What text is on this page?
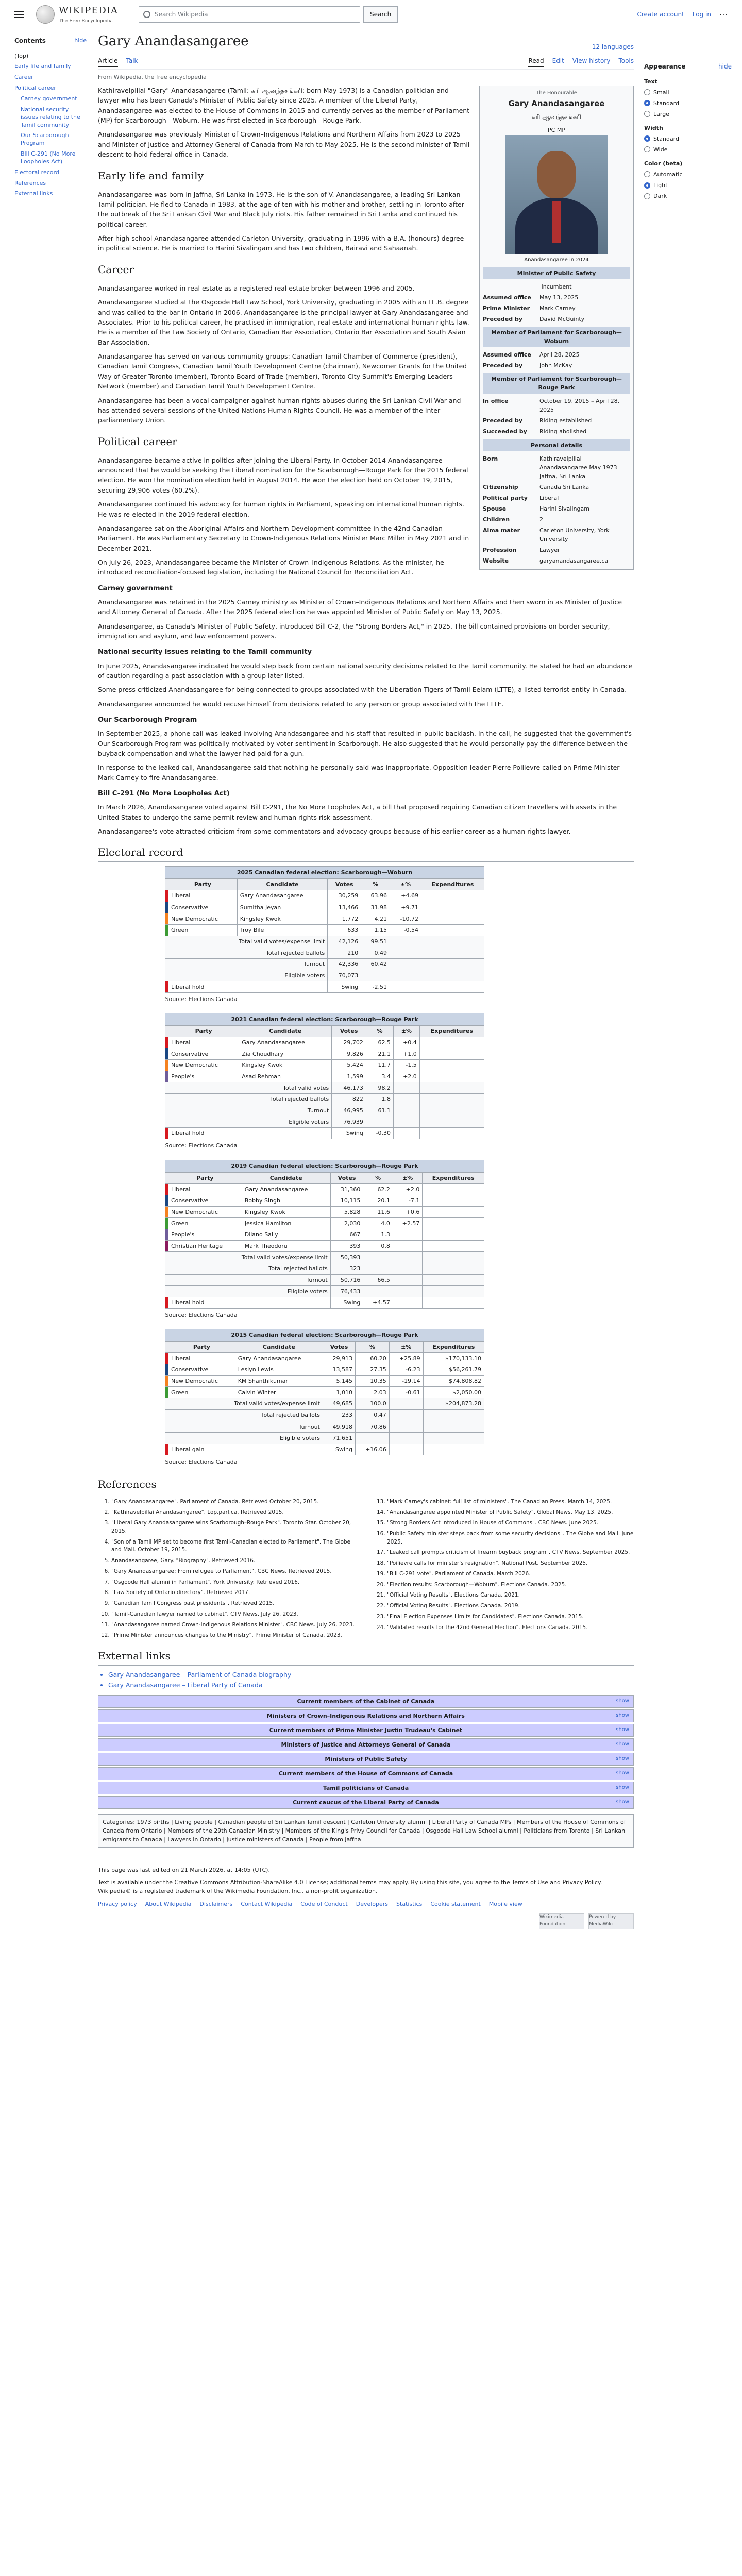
WIKIPEDIA
The Free Encyclopedia
Search Wikipedia	Search	Create account Log in ⋯
Contents	hide
(Top)
Early life and family
Career
Political career
Carney government
National security issues relating to the Tamil community
Our Scarborough Program
Bill C-291 (No More Loopholes Act)
Electoral record
References
External links
Appearance	hide
Text
Small
Standard
Large
Width
Standard
Wide
Color (beta)
Automatic
Light
Dark
Gary Anandasangaree	12 languages
Article Talk	Read Edit View history Tools
From Wikipedia, the free encyclopedia
The Honourable
Gary Anandasangaree
கரி ஆனந்தசங்கரி
PC MP
Anandasangaree in 2024
Minister of Public Safety
Incumbent
Assumed office	May 13, 2025
Prime Minister	Mark Carney
Preceded by	David McGuinty
Member of Parliament for Scarborough—Woburn
Assumed office	April 28, 2025
Preceded by	John McKay
Member of Parliament for Scarborough—Rouge Park
In office	October 19, 2015 – April 28, 2025
Preceded by	Riding established
Succeeded by	Riding abolished
Personal details
Born	Kathiravelpillai Anandasangaree May 1973 Jaffna, Sri Lanka
Citizenship	Canada Sri Lanka
Political party	Liberal
Spouse	Harini Sivalingam
Children	2
Alma mater	Carleton University, York University
Profession	Lawyer
Website	garyanandasangaree.ca

Kathiravelpillai "Gary" Anandasangaree (Tamil: கரி ஆனந்தசங்கரி; born May 1973) is a Canadian politician and lawyer who has been Canada's Minister of Public Safety since 2025. A member of the Liberal Party, Anandasangaree was elected to the House of Commons in 2015 and currently serves as the member of Parliament (MP) for Scarborough—Woburn. He was first elected in Scarborough—Rouge Park.

Anandasangaree was previously Minister of Crown–Indigenous Relations and Northern Affairs from 2023 to 2025 and Minister of Justice and Attorney General of Canada from March to May 2025. He is the second minister of Tamil descent to hold federal office in Canada.

Early life and family

Anandasangaree was born in Jaffna, Sri Lanka in 1973. He is the son of V. Anandasangaree, a leading Sri Lankan Tamil politician. He fled to Canada in 1983, at the age of ten with his mother and brother, settling in Toronto after the outbreak of the Sri Lankan Civil War and Black July riots. His father remained in Sri Lanka and continued his political career.

After high school Anandasangaree attended Carleton University, graduating in 1996 with a B.A. (honours) degree in political science. He is married to Harini Sivalingam and has two children, Bairavi and Sahaanah.

Career

Anandasangaree worked in real estate as a registered real estate broker between 1996 and 2005.

Anandasangaree studied at the Osgoode Hall Law School, York University, graduating in 2005 with an LL.B. degree and was called to the bar in Ontario in 2006. Anandasangaree is the principal lawyer at Gary Anandasangaree and Associates. Prior to his political career, he practised in immigration, real estate and international human rights law. He is a member of the Law Society of Ontario, Canadian Bar Association, Ontario Bar Association and South Asian Bar Association.

Anandasangaree has served on various community groups: Canadian Tamil Chamber of Commerce (president), Canadian Tamil Congress, Canadian Tamil Youth Development Centre (chairman), Newcomer Grants for the United Way of Greater Toronto (member), Toronto Board of Trade (member), Toronto City Summit's Emerging Leaders Network (member) and Canadian Tamil Youth Development Centre.

Anandasangaree has been a vocal campaigner against human rights abuses during the Sri Lankan Civil War and has attended several sessions of the United Nations Human Rights Council. He was a member of the Inter-parliamentary Union.

Political career

Anandasangaree became active in politics after joining the Liberal Party. In October 2014 Anandasangaree announced that he would be seeking the Liberal nomination for the Scarborough—Rouge Park for the 2015 federal election. He won the nomination election held in August 2014. He won the election held on October 19, 2015, securing 29,906 votes (60.2%).

Anandasangaree continued his advocacy for human rights in Parliament, speaking on international human rights. He was re-elected in the 2019 federal election.

Anandasangaree sat on the Aboriginal Affairs and Northern Development committee in the 42nd Canadian Parliament. He was Parliamentary Secretary to Crown-Indigenous Relations Minister Marc Miller in May 2021 and in December 2021.

On July 26, 2023, Anandasangaree became the Minister of Crown–Indigenous Relations. As the minister, he introduced reconciliation-focused legislation, including the National Council for Reconciliation Act.

Carney government

Anandasangaree was retained in the 2025 Carney ministry as Minister of Crown–Indigenous Relations and Northern Affairs and then sworn in as Minister of Justice and Attorney General of Canada. After the 2025 federal election he was appointed Minister of Public Safety on May 13, 2025.

Anandasangaree, as Canada's Minister of Public Safety, introduced Bill C-2, the "Strong Borders Act," in 2025. The bill contained provisions on border security, immigration and asylum, and law enforcement powers.

National security issues relating to the Tamil community

In June 2025, Anandasangaree indicated he would step back from certain national security decisions related to the Tamil community. He stated he had an abundance of caution regarding a past association with a group later listed.

Some press criticized Anandasangaree for being connected to groups associated with the Liberation Tigers of Tamil Eelam (LTTE), a listed terrorist entity in Canada.

Anandasangaree announced he would recuse himself from decisions related to any person or group associated with the LTTE.

Our Scarborough Program

In September 2025, a phone call was leaked involving Anandasangaree and his staff that resulted in public backlash. In the call, he suggested that the government's Our Scarborough Program was politically motivated by voter sentiment in Scarborough. He also suggested that he would personally pay the difference between the buyback compensation and what the lawyer had paid for a gun.

In response to the leaked call, Anandasangaree said that nothing he personally said was inappropriate. Opposition leader Pierre Poilievre called on Prime Minister Mark Carney to fire Anandasangaree.

Bill C-291 (No More Loopholes Act)

In March 2026, Anandasangaree voted against Bill C-291, the No More Loopholes Act, a bill that proposed requiring Canadian citizen travellers with assets in the United States to undergo the same permit review and human rights risk assessment.

Anandasangaree's vote attracted criticism from some commentators and advocacy groups because of his earlier career as a human rights lawyer.

Electoral record
2025 Canadian federal election: Scarborough—Woburn
	Party	Candidate	Votes	%	±%	Expenditures
	Liberal	Gary Anandasangaree	30,259	63.96	+4.69	
	Conservative	Sumitha Jeyan	13,466	31.98	+9.71	
	New Democratic	Kingsley Kwok	1,772	4.21	-10.72	
	Green	Troy Bile	633	1.15	-0.54	
Total valid votes/expense limit			42,126	99.51		
Total rejected ballots			210	0.49		
Turnout			42,336	60.42		
Eligible voters			70,073			
	Liberal hold		Swing	-2.51		
Source: Elections Canada						
2021 Canadian federal election: Scarborough—Rouge Park
	Party	Candidate	Votes	%	±%	Expenditures
	Liberal	Gary Anandasangaree	29,702	62.5	+0.4	
	Conservative	Zia Choudhary	9,826	21.1	+1.0	
	New Democratic	Kingsley Kwok	5,424	11.7	-1.5	
	People's	Asad Rehman	1,599	3.4	+2.0	
Total valid votes			46,173	98.2		
Total rejected ballots			822	1.8		
Turnout			46,995	61.1		
Eligible voters			76,939			
	Liberal hold		Swing	-0.30		
Source: Elections Canada						
2019 Canadian federal election: Scarborough—Rouge Park
	Party	Candidate	Votes	%	±%	Expenditures
	Liberal	Gary Anandasangaree	31,360	62.2	+2.0	
	Conservative	Bobby Singh	10,115	20.1	-7.1	
	New Democratic	Kingsley Kwok	5,828	11.6	+0.6	
	Green	Jessica Hamilton	2,030	4.0	+2.57	
	People's	Dilano Sally	667	1.3		
	Christian Heritage	Mark Theodoru	393	0.8		
Total valid votes/expense limit			50,393			
Total rejected ballots			323			
Turnout			50,716	66.5		
Eligible voters			76,433			
	Liberal hold		Swing	+4.57		
Source: Elections Canada						
2015 Canadian federal election: Scarborough—Rouge Park
	Party	Candidate	Votes	%	±%	Expenditures
	Liberal	Gary Anandasangaree	29,913	60.20	+25.89	$170,133.10
	Conservative	Leslyn Lewis	13,587	27.35	-6.23	$56,261.79
	New Democratic	KM Shanthikumar	5,145	10.35	-19.14	$74,808.82
	Green	Calvin Winter	1,010	2.03	-0.61	$2,050.00
Total valid votes/expense limit			49,685	100.0		$204,873.28
Total rejected ballots			233	0.47		
Turnout			49,918	70.86		
Eligible voters			71,651			
	Liberal gain		Swing	+16.06		
Source: Elections Canada						
References
1. "Gary Anandasangaree". Parliament of Canada. Retrieved October 20, 2015.
2. "Kathiravelpillai Anandasangaree". Lop.parl.ca. Retrieved 2015.
3. "Liberal Gary Anandasangaree wins Scarborough–Rouge Park". Toronto Star. October 20, 2015.
4. "Son of a Tamil MP set to become first Tamil-Canadian elected to Parliament". The Globe and Mail. October 19, 2015.
5. Anandasangaree, Gary. "Biography". Retrieved 2016.
6. "Gary Anandasangaree: From refugee to Parliament". CBC News. Retrieved 2015.
7. "Osgoode Hall alumni in Parliament". York University. Retrieved 2016.
8. "Law Society of Ontario directory". Retrieved 2017.
9. "Canadian Tamil Congress past presidents". Retrieved 2015.
10. "Tamil-Canadian lawyer named to cabinet". CTV News. July 26, 2023.
11. "Anandasangaree named Crown-Indigenous Relations Minister". CBC News. July 26, 2023.
12. "Prime Minister announces changes to the Ministry". Prime Minister of Canada. 2023.
13. "Mark Carney's cabinet: full list of ministers". The Canadian Press. March 14, 2025.
14. "Anandasangaree appointed Minister of Public Safety". Global News. May 13, 2025.
15. "Strong Borders Act introduced in House of Commons". CBC News. June 2025.
16. "Public Safety minister steps back from some security decisions". The Globe and Mail. June 2025.
17. "Leaked call prompts criticism of firearm buyback program". CTV News. September 2025.
18. "Poilievre calls for minister's resignation". National Post. September 2025.
19. "Bill C-291 vote". Parliament of Canada. March 2026.
20. "Election results: Scarborough—Woburn". Elections Canada. 2025.
21. "Official Voting Results". Elections Canada. 2021.
22. "Official Voting Results". Elections Canada. 2019.
23. "Final Election Expenses Limits for Candidates". Elections Canada. 2015.
24. "Validated results for the 42nd General Election". Elections Canada. 2015.
External links
• Gary Anandasangaree – Parliament of Canada biography
• Gary Anandasangaree – Liberal Party of Canada
Current members of the Cabinet of Canada	show
Ministers of Crown–Indigenous Relations and Northern Affairs	show
Current members of Prime Minister Justin Trudeau's Cabinet	show
Ministers of Justice and Attorneys General of Canada	show
Ministers of Public Safety	show
Current members of the House of Commons of Canada	show
Tamil politicians of Canada	show
Current caucus of the Liberal Party of Canada	show
Categories: 1973 births | Living people | Canadian people of Sri Lankan Tamil descent | Carleton University alumni | Liberal Party of Canada MPs | Members of the House of Commons of Canada from Ontario | Members of the 29th Canadian Ministry | Members of the King's Privy Council for Canada | Osgoode Hall Law School alumni | Politicians from Toronto | Sri Lankan emigrants to Canada | Lawyers in Ontario | Justice ministers of Canada | People from Jaffna
This page was last edited on 21 March 2026, at 14:05 (UTC).
Text is available under the Creative Commons Attribution-ShareAlike 4.0 License; additional terms may apply. By using this site, you agree to the Terms of Use and Privacy Policy. Wikipedia® is a registered trademark of the Wikimedia Foundation, Inc., a non-profit organization.
Privacy policy About Wikipedia Disclaimers Contact Wikipedia Code of Conduct Developers Statistics Cookie statement Mobile view
Wikimedia Foundation
Powered by MediaWiki
